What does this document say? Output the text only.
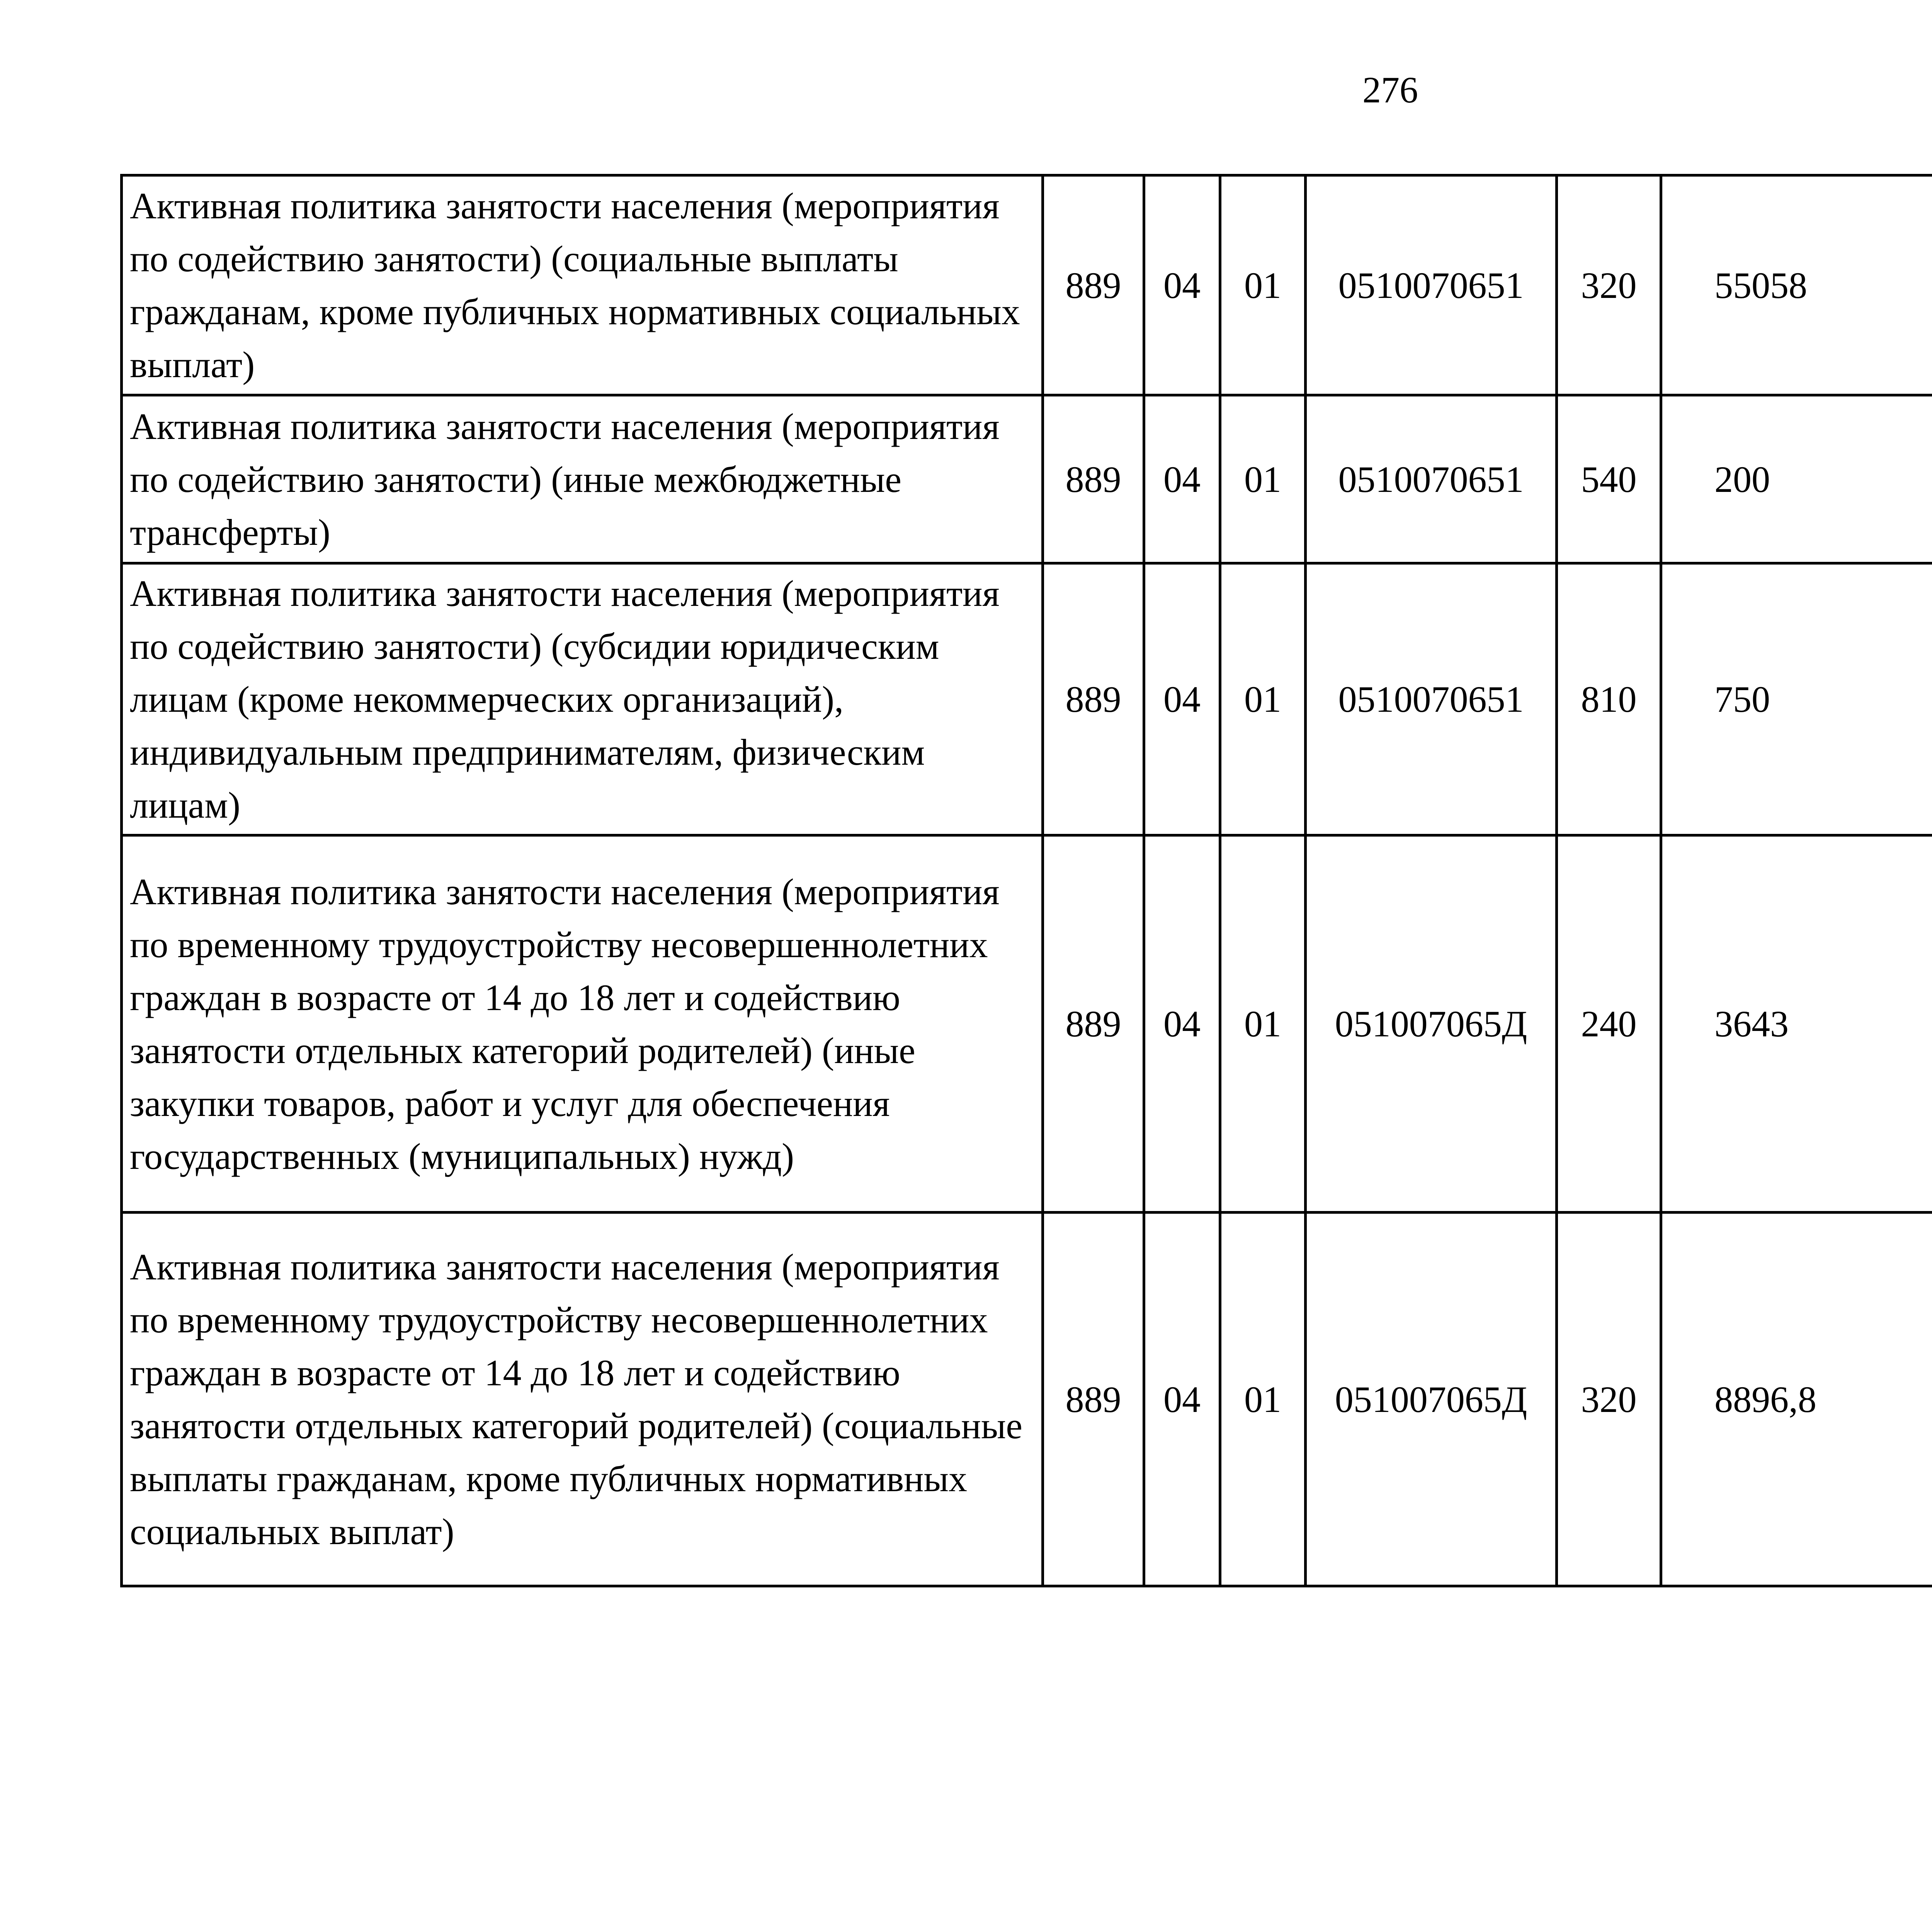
276
Активная политика занятости населения (мероприятия по содействию занятости) (социальные выплаты гражданам, кроме публичных нормативных социальных выплат)	889	04	01	0510070651	320	55058		
Активная политика занятости населения (мероприятия по содействию занятости) (иные межбюджетные трансферты)	889	04	01	0510070651	540	200		
Активная политика занятости населения (мероприятия по содействию занятости) (субсидии юридическим лицам (кроме некоммерческих организаций), индивидуальным предпринимателям, физическим лицам)	889	04	01	0510070651	810	750		
Активная политика занятости населения (мероприятия по временному трудоустройству несовершеннолетних граждан в возрасте от 14 до 18 лет и содействию занятости отдельных категорий родителей) (иные закупки товаров, работ и услуг для обеспечения государственных (муниципальных) нужд)	889	04	01	051007065Д	240	3643		
Активная политика занятости населения (мероприятия по временному трудоустройству несовершеннолетних граждан в возрасте от 14 до 18 лет и содействию занятости отдельных категорий родителей) (социальные выплаты гражданам, кроме публичных нормативных социальных выплат)	889	04	01	051007065Д	320	8896,8		
